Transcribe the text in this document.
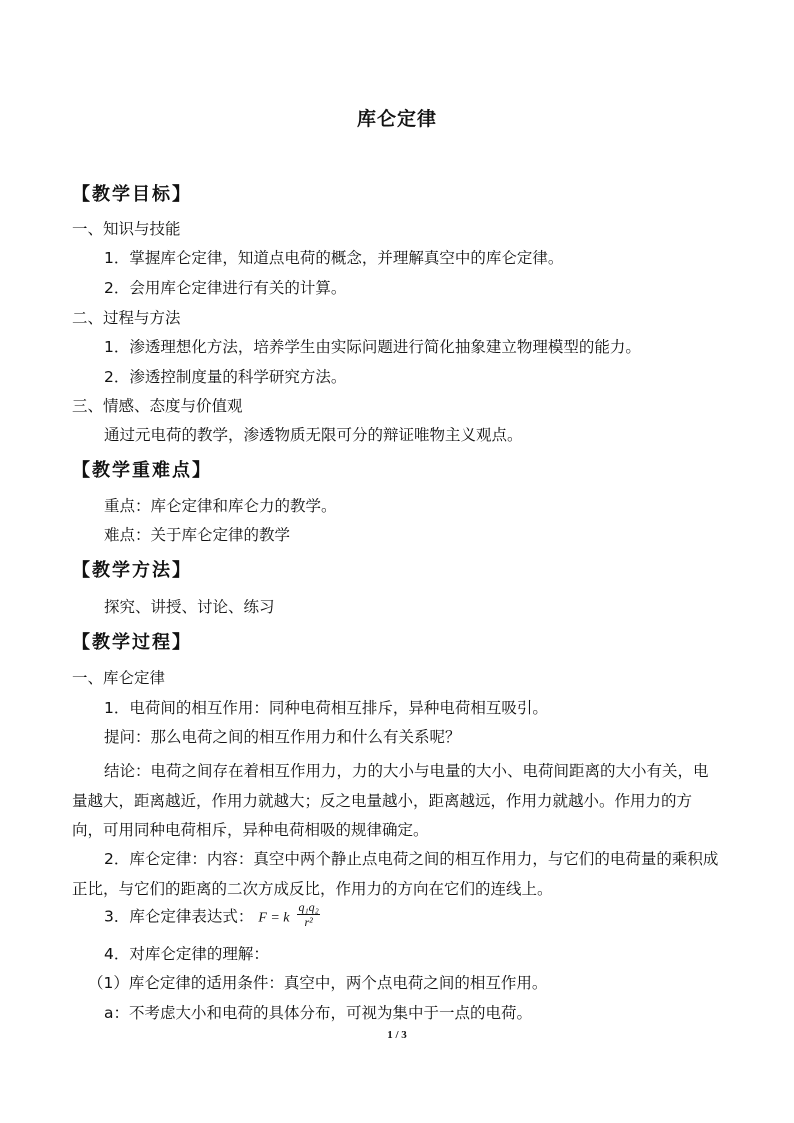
库仑定律
【教学目标】
一、知识与技能
1．掌握库仑定律，知道点电荷的概念，并理解真空中的库仑定律。
2．会用库仑定律进行有关的计算。
二、过程与方法
1．渗透理想化方法，培养学生由实际问题进行简化抽象建立物理模型的能力。
2．渗透控制度量的科学研究方法。
三、情感、态度与价值观
通过元电荷的教学，渗透物质无限可分的辩证唯物主义观点。
【教学重难点】
重点：库仑定律和库仑力的教学。
难点：关于库仑定律的教学
【教学方法】
探究、讲授、讨论、练习
【教学过程】
一、库仑定律
1．电荷间的相互作用：同种电荷相互排斥，异种电荷相互吸引。
提问：那么电荷之间的相互作用力和什么有关系呢？
结论：电荷之间存在着相互作用力，力的大小与电量的大小、电荷间距离的大小有关，电量越大，距离越近，作用力就越大；反之电量越小，距离越远，作用力就越小。作用力的方向，可用同种电荷相斥，异种电荷相吸的规律确定。
2．库仑定律：内容：真空中两个静止点电荷之间的相互作用力，与它们的电荷量的乘积成正比，与它们的距离的二次方成反比，作用力的方向在它们的连线上。
3．库仑定律表达式： F = k $\frac{\text{q₁q₂}}{\text{r²}}$
4．对库仑定律的理解：
（1）库仑定律的适用条件：真空中，两个点电荷之间的相互作用。
a：不考虑大小和电荷的具体分布，可视为集中于一点的电荷。
1 / 3
